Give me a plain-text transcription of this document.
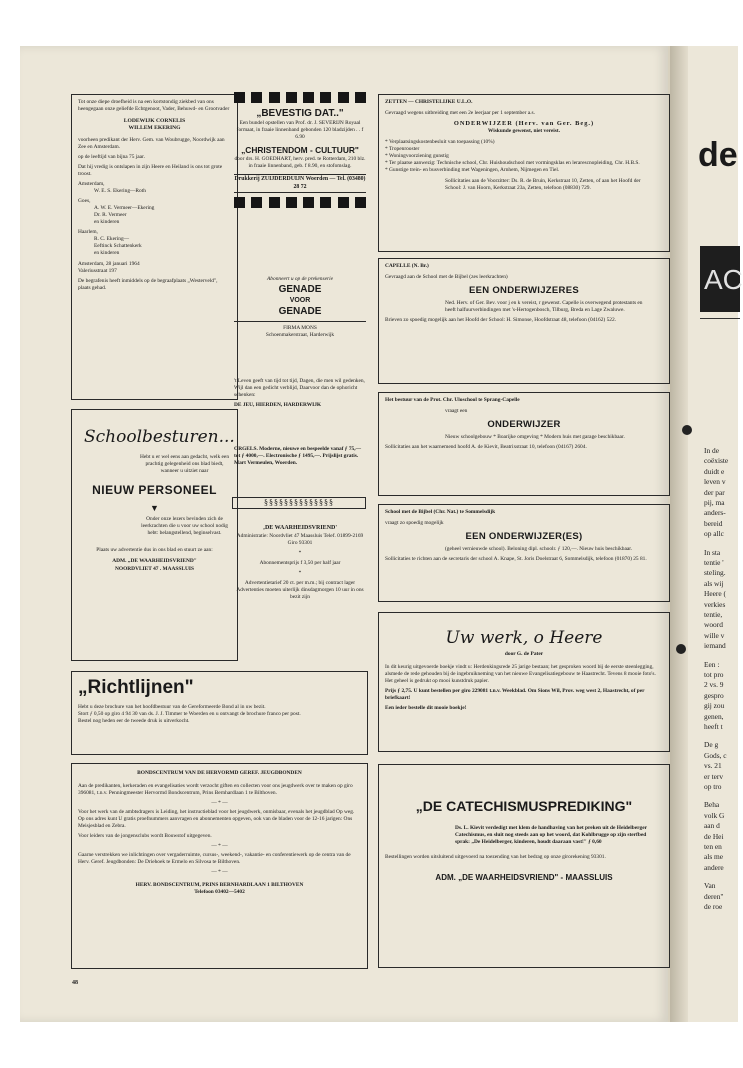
Tot onze diepe droefheid is na een kortstondig ziekbed van ons heengegaan onze geliefde Echtgenoot, Vader, Behuwd- en Grootvader

LODEWIJK CORNELIS
WILLEM EKERING

voorheen predikant der Herv. Gem. van Woubrugge, Noordwijk aan Zee en Amsterdam.

op de leeftijd van bijna 75 jaar.

Dat hij vredig is ontslapen in zijn Heere en Heiland is ons tot grote troost.

Amsterdam,
W. E. S. Ekering—Roth
Goes,
A. W. E. Vermeer—Ekering
Dr. R. Vermeer
en kinderen
Haarlem,
R. C. Ekering—
Eeftinck Schattenkerk
en kinderen
Amsterdam, 28 januari 1964
Valeriusstraat 197

De begrafenis heeft inmiddels op de begraafplaats „Westerveld", plaats gehad.

Schoolbesturen...
Hebt u er wel eens aan gedacht, welk een prachtig gelegenheid ons blad biedt, wanneer u uitziet naar
NIEUW PERSONEEL
▼
Onder onze lezers bevinden zich de leerkrachten die u voor uw school nodig hebt: belangstellend, beginselvast.
Plaats uw advertentie dus in ons blad en stuurt ze aan:
ADM. „DE WAARHEIDSVRIEND"
NOORDVLIET 47 . MAASSLUIS
„Richtlijnen"
Hebt u deze brochure van het hoofdbestuur van de Gereformeerde Bond al in uw bezit.
Stort ƒ 0,50 op giro 4 94 30 van ds. J. J. Timmer te Woerden en u ontvangt de brochure franco per post.
Bestel nog heden eer de tweede druk is uitverkocht.
BONDSCENTRUM VAN DE HERVORMD GEREF. JEUGDBONDEN

Aan de predikanten, kerkeraden en evangelisaties wordt verzocht giften en collecten voor ons jeugdwerk over te maken op giro 396081, t.n.v. Penningmeester Hervormd Bondscentrum, Prins Bernhardlaan 1 te Bilthoven.

— * —

Voor het werk van de ambtsdragers is Leiding, het instructieblad voor het jeugdwerk, onmisbaar, evenals het jeugdblad Op weg. Op ons adres kunt U gratis proefnummers aanvragen en abonnementen opgeven, ook van de bladen voor de 12-16 jarigen: Ons Meisjesblad en Zebra.

Voor leiders van de jongensclubs wordt Bouwstof uitgegeven.

— * —

Gaarne verstrekken we inlichtingen over vergaderruimte, cursus-, weekend-, vakantie- en conferentiewerk op de centra van de Herv. Geref. Jeugdbonden: De Driehoek te Ermelo en Silvosa te Bilthoven.

— * —
HERV. BONDSCENTRUM, PRINS BERNHARDLAAN 1 BILTHOVEN
Telefoon 03402—5402
„BEVESTIG DAT.."
Een bundel opstellen van Prof. dr. J. SEVERIJN Royaal formaat, in fraaie linnenband gebonden 120 bladzijden . . f 6.90
„CHRISTENDOM - CULTUUR"
door drs. H. GOEDHART, herv. pred. te Rotterdam, 210 blz. in fraaie linnenband, geb. f 8.90, en stofomslag.
Drukkerij ZUIJDERDUIJN Woerden — Tel. (03480) 28 72
Abonneert u op de prekenserie
GENADE
VOOR
GENADE
FIRMA MONS
Schoenmakerstraat, Harderwijk

't Leven geeft van tijd tot tijd, Dagen, die men wil gedenken, Wijl dan een gedicht verblijd, Daarvoor dan de ophoricht schenken:

DE JEU, HIERDEN, HARDERWIJK

ORGELS. Moderne, nieuwe en bespeelde vanaf ƒ 75,— tot ƒ 4000,—. Electronische ƒ 1495,—. Prijslijst gratis. Mart Vermeulen, Woerden.

§§§§§§§§§§§§§§
‚DE WAARHEIDSVRIEND'
Administratie: Noordvliet 47 Maassluis Telef. 01899-2169 Giro 93301
*
Abonnementsprijs f 3,50 per half jaar
*
Advertentietarief 20 ct. per m.m.; bij contract lager Advertenties moeten uiterlijk dinsdagmorgen 10 uur in ons bezit zijn
ZETTEN — CHRISTELIJKE U.L.O.

Gevraagd wegens uitbreiding met een 2e leerjaar per 1 september a.s.

ONDERWIJZER (Herv. van Ger. Beg.)
Wiskunde gewenst, niet vereist.
* Verplaatsingskostenbesluit van toepassing (10%)
* Tropenrooster
* Woningvoorziening gunstig
* Ter plaatse aanwezig: Technische school, Chr. Huishoudschool met vormingsklas en lerarescnopleiding, Chr. H.B.S.
* Gunstige trein- en busverbinding met Wageningen, Arnhem, Nijmegen en Tiel.

Sollicitaties aan de Voorzitter: Ds. R. de Bruin, Kerkstraat 10, Zetten, of aan het Hoofd der School: J. van Hoorn, Kerkstraat 23a, Zetten, telefoon (08830) 729.

CAPELLE (N. Br.)

Gevraagd aan de School met de Bijbel (zes leerkrachten)

EEN ONDERWIJZERES

Ned. Herv. of Ger. Bev. voor j en k vereist, r gewenst. Capelle is overwegend protestants en heeft halfuurverbindingen met 's-Hertogenbosch, Tilburg, Breda en Lage Zwaluwe.

Brieven zo spoedig mogelijk aan het Hoofd der School: H. Simonse, Hoofdstraat 48, telefoon (04162) 522.

Het bestuur van de Prot. Chr. Uloschool te Sprang-Capelle
vraagt een
ONDERWIJZER

Nieuw schoolgebouw * Boarijke omgeving * Modern huis met garage beschikbaar.

Sollicitaties aan het waarnemend hoofd A. de Kievit, Beatrixstraat 10, telefoon (04167) 2604.

School met de Bijbel (Chr. Nat.) te Sommelsdijk
vraagt zo spoedig mogelijk
EEN ONDERWIJZER(ES)

(geheel vernieuwde school). Beloning dipl. schoolr. ƒ 120,—. Nieuw huis beschikbaar.

Sollicitaties te richten aan de secretaris der school A. Knape, St. Joris Doelstraat 6, Sommelsdijk, telefoon (01870) 25 81.

Uw werk, o Heere
door G. de Pater

In dit keurig uitgevoerde boekje vindt u: Herdenkingsrede 25 jarige bestaan; het gesproken woord bij de eerste steenlegging, alsmede de rede gehouden bij de ingebruikneming van het nieuwe Evangelisatiegebouw te Haastrecht. Tevens 8 mooie foto's. Het geheel is gedrukt op mooi kunstdruk papier.

Prijs ƒ 2,75. U kunt bestellen per giro 229081 t.n.v. Weekblad. Om Sions Wil, Prov. weg west 2, Haastrecht, of per briefkaart!

Een ieder bestelle dit mooie boekje!

„DE CATECHISMUSPREDIKING"

Ds. L. Kievit verdedigt met klem de handhaving van het preken uit de Heidelberger Catechismus, en sluit nog steeds aan op het woord, dat Kohlbrugge op zijn sterfbed sprak: „De Heidelberger, kinderen, houdt daaraan vast!" ƒ 0,60

Bestellingen worden uitsluitend uitgevoerd na toezending van het bedrag op onze girorekening 93301.

ADM. „DE WAARHEIDSVRIEND" - MAASSLUIS
48
de
AC
In de
coëxiste
duidt e
leven v
der par
pij, ma
anders-
bereid
op allc
In sta
tentie '
steling.
als wij
Heere (
verkies
tentie,
woord
wille v
iemand
Een :
tot pro
2 vs. 9
gespro
gij zou
genen,
heeft t
De g
Gods, c
vs. 21
er terv
op tro
Beha
volk G
aan d
de Hei
ten en
als me
andere
Van
deren"
de roe
